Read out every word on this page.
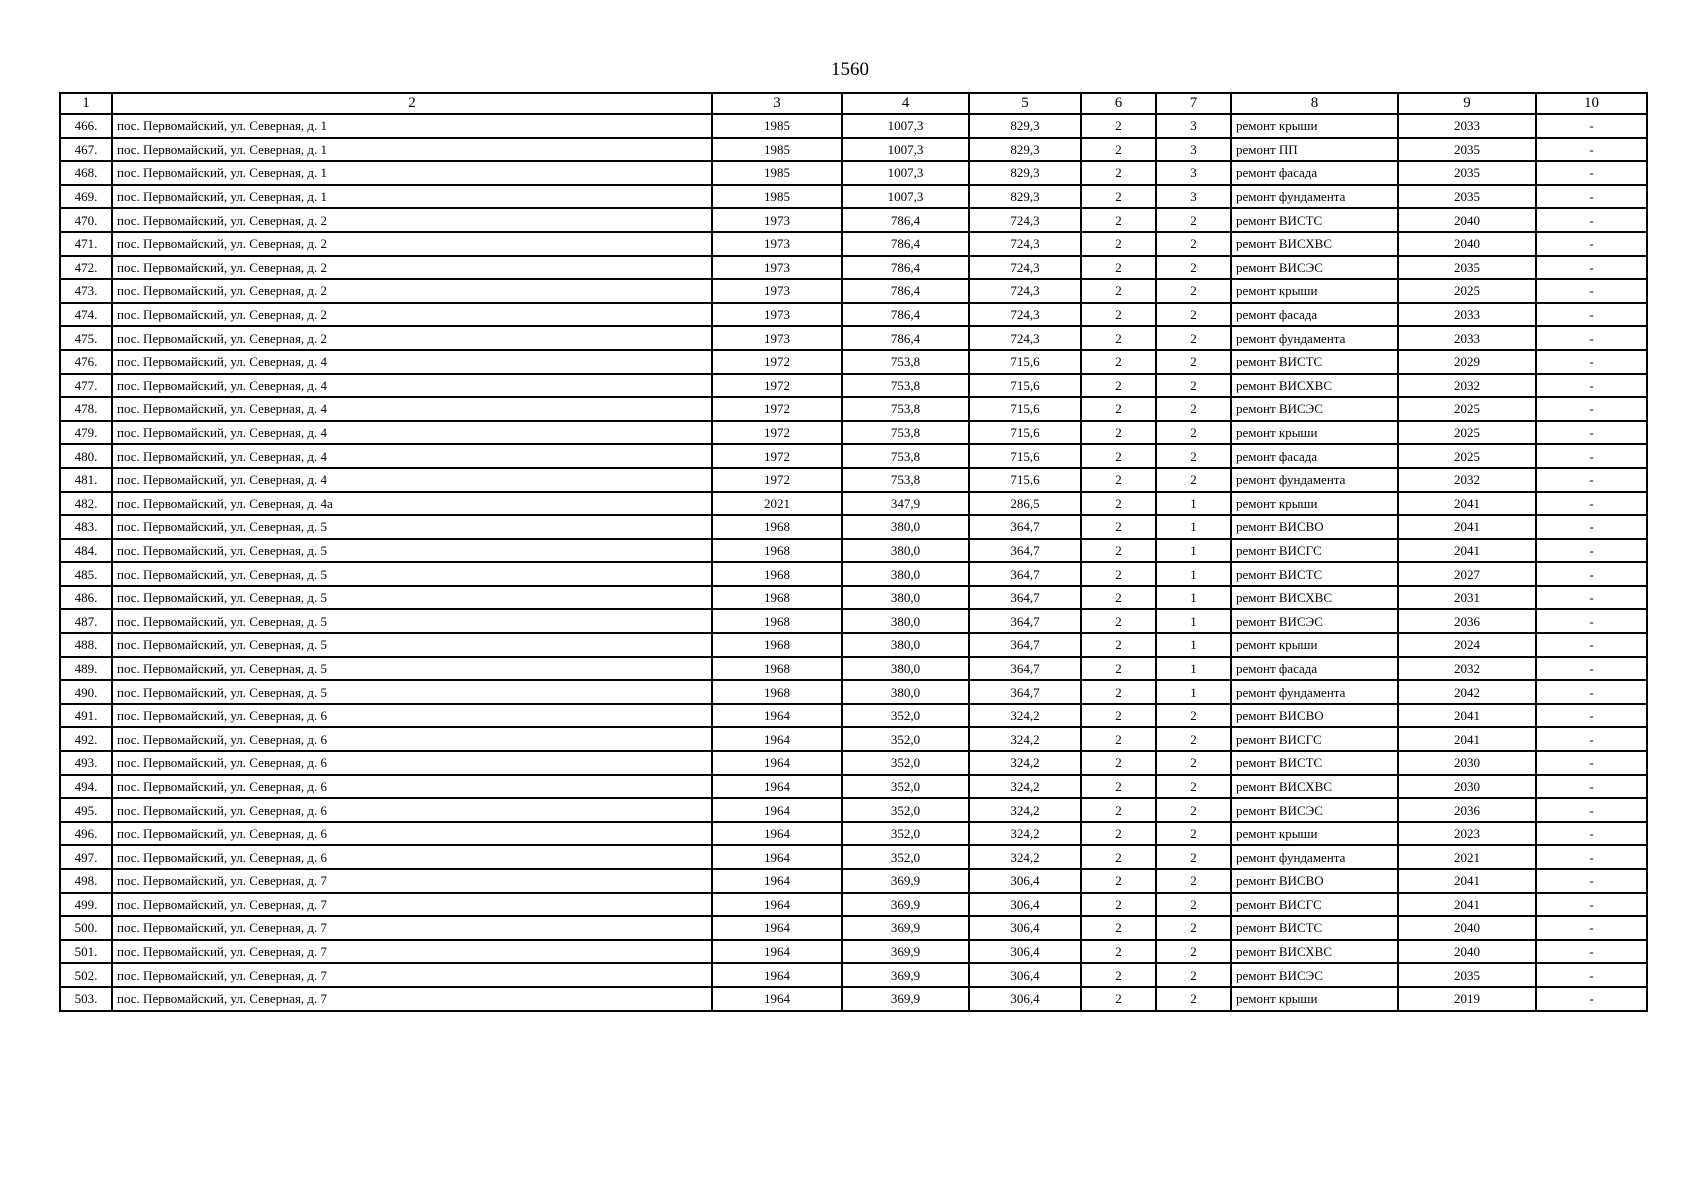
1560
1	2	3	4	5	6	7	8	9	10
466.	пос. Первомайский, ул. Северная, д. 1	1985	1007,3	829,3	2	3	ремонт крыши	2033	-
467.	пос. Первомайский, ул. Северная, д. 1	1985	1007,3	829,3	2	3	ремонт ПП	2035	-
468.	пос. Первомайский, ул. Северная, д. 1	1985	1007,3	829,3	2	3	ремонт фасада	2035	-
469.	пос. Первомайский, ул. Северная, д. 1	1985	1007,3	829,3	2	3	ремонт фундамента	2035	-
470.	пос. Первомайский, ул. Северная, д. 2	1973	786,4	724,3	2	2	ремонт ВИСТС	2040	-
471.	пос. Первомайский, ул. Северная, д. 2	1973	786,4	724,3	2	2	ремонт ВИСХВС	2040	-
472.	пос. Первомайский, ул. Северная, д. 2	1973	786,4	724,3	2	2	ремонт ВИСЭС	2035	-
473.	пос. Первомайский, ул. Северная, д. 2	1973	786,4	724,3	2	2	ремонт крыши	2025	-
474.	пос. Первомайский, ул. Северная, д. 2	1973	786,4	724,3	2	2	ремонт фасада	2033	-
475.	пос. Первомайский, ул. Северная, д. 2	1973	786,4	724,3	2	2	ремонт фундамента	2033	-
476.	пос. Первомайский, ул. Северная, д. 4	1972	753,8	715,6	2	2	ремонт ВИСТС	2029	-
477.	пос. Первомайский, ул. Северная, д. 4	1972	753,8	715,6	2	2	ремонт ВИСХВС	2032	-
478.	пос. Первомайский, ул. Северная, д. 4	1972	753,8	715,6	2	2	ремонт ВИСЭС	2025	-
479.	пос. Первомайский, ул. Северная, д. 4	1972	753,8	715,6	2	2	ремонт крыши	2025	-
480.	пос. Первомайский, ул. Северная, д. 4	1972	753,8	715,6	2	2	ремонт фасада	2025	-
481.	пос. Первомайский, ул. Северная, д. 4	1972	753,8	715,6	2	2	ремонт фундамента	2032	-
482.	пос. Первомайский, ул. Северная, д. 4а	2021	347,9	286,5	2	1	ремонт крыши	2041	-
483.	пос. Первомайский, ул. Северная, д. 5	1968	380,0	364,7	2	1	ремонт ВИСВО	2041	-
484.	пос. Первомайский, ул. Северная, д. 5	1968	380,0	364,7	2	1	ремонт ВИСГС	2041	-
485.	пос. Первомайский, ул. Северная, д. 5	1968	380,0	364,7	2	1	ремонт ВИСТС	2027	-
486.	пос. Первомайский, ул. Северная, д. 5	1968	380,0	364,7	2	1	ремонт ВИСХВС	2031	-
487.	пос. Первомайский, ул. Северная, д. 5	1968	380,0	364,7	2	1	ремонт ВИСЭС	2036	-
488.	пос. Первомайский, ул. Северная, д. 5	1968	380,0	364,7	2	1	ремонт крыши	2024	-
489.	пос. Первомайский, ул. Северная, д. 5	1968	380,0	364,7	2	1	ремонт фасада	2032	-
490.	пос. Первомайский, ул. Северная, д. 5	1968	380,0	364,7	2	1	ремонт фундамента	2042	-
491.	пос. Первомайский, ул. Северная, д. 6	1964	352,0	324,2	2	2	ремонт ВИСВО	2041	-
492.	пос. Первомайский, ул. Северная, д. 6	1964	352,0	324,2	2	2	ремонт ВИСГС	2041	-
493.	пос. Первомайский, ул. Северная, д. 6	1964	352,0	324,2	2	2	ремонт ВИСТС	2030	-
494.	пос. Первомайский, ул. Северная, д. 6	1964	352,0	324,2	2	2	ремонт ВИСХВС	2030	-
495.	пос. Первомайский, ул. Северная, д. 6	1964	352,0	324,2	2	2	ремонт ВИСЭС	2036	-
496.	пос. Первомайский, ул. Северная, д. 6	1964	352,0	324,2	2	2	ремонт крыши	2023	-
497.	пос. Первомайский, ул. Северная, д. 6	1964	352,0	324,2	2	2	ремонт фундамента	2021	-
498.	пос. Первомайский, ул. Северная, д. 7	1964	369,9	306,4	2	2	ремонт ВИСВО	2041	-
499.	пос. Первомайский, ул. Северная, д. 7	1964	369,9	306,4	2	2	ремонт ВИСГС	2041	-
500.	пос. Первомайский, ул. Северная, д. 7	1964	369,9	306,4	2	2	ремонт ВИСТС	2040	-
501.	пос. Первомайский, ул. Северная, д. 7	1964	369,9	306,4	2	2	ремонт ВИСХВС	2040	-
502.	пос. Первомайский, ул. Северная, д. 7	1964	369,9	306,4	2	2	ремонт ВИСЭС	2035	-
503.	пос. Первомайский, ул. Северная, д. 7	1964	369,9	306,4	2	2	ремонт крыши	2019	-
